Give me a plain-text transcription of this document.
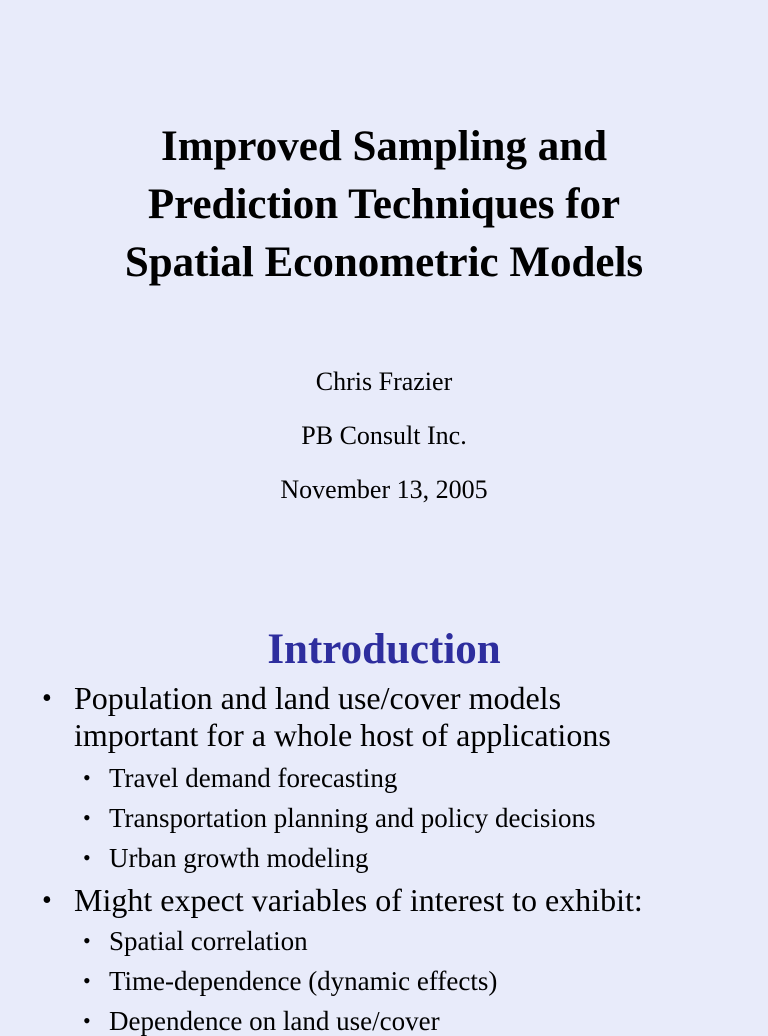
Improved Sampling and
Prediction Techniques for
Spatial Econometric Models
Chris Frazier
PB Consult Inc.
November 13, 2005
Introduction
• Population and land use/cover models
important for a whole host of applications
• Travel demand forecasting
• Transportation planning and policy decisions
• Urban growth modeling
• Might expect variables of interest to exhibit:
• Spatial correlation
• Time-dependence (dynamic effects)
• Dependence on land use/cover
